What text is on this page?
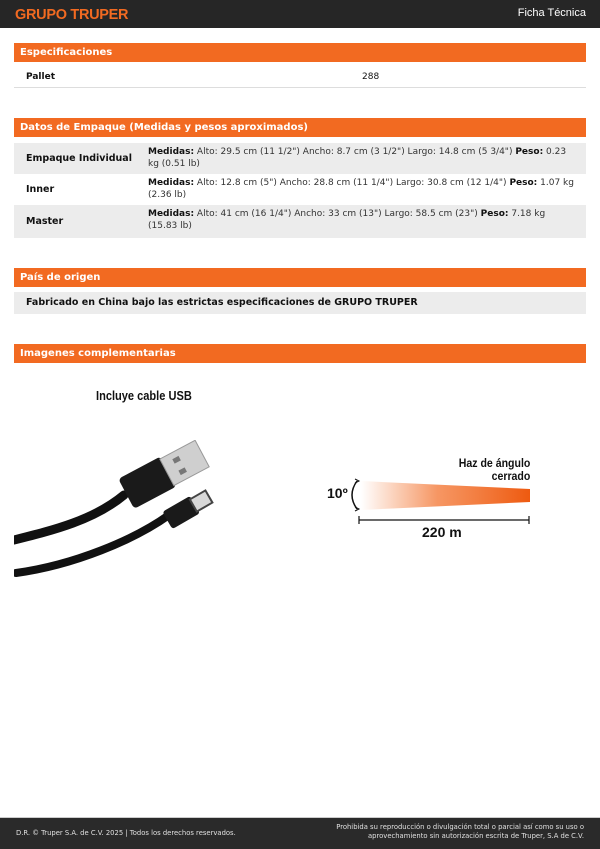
GRUPO TRUPER	Ficha Técnica
Especificaciones
Pallet	288
Datos de Empaque (Medidas y pesos aproximados)
Empaque Individual
Medidas: Alto: 29.5 cm (11 1/2") Ancho: 8.7 cm (3 1/2") Largo: 14.8 cm (5 3/4") Peso: 0.23 kg (0.51 lb)
Inner
Medidas: Alto: 12.8 cm (5") Ancho: 28.8 cm (11 1/4") Largo: 30.8 cm (12 1/4") Peso: 1.07 kg (2.36 lb)
Master
Medidas: Alto: 41 cm (16 1/4") Ancho: 33 cm (13") Largo: 58.5 cm (23") Peso: 7.18 kg (15.83 lb)
País de origen
Fabricado en China bajo las estrictas especificaciones de GRUPO TRUPER
Imagenes complementarias
Incluye cable USB
Haz de ángulo
cerrado
10º
220 m
D.R. © Truper S.A. de C.V. 2025 | Todos los derechos reservados.
Prohibida su reproducción o divulgación total o parcial así como su uso o
aprovechamiento sin autorización escrita de Truper, S.A de C.V.
